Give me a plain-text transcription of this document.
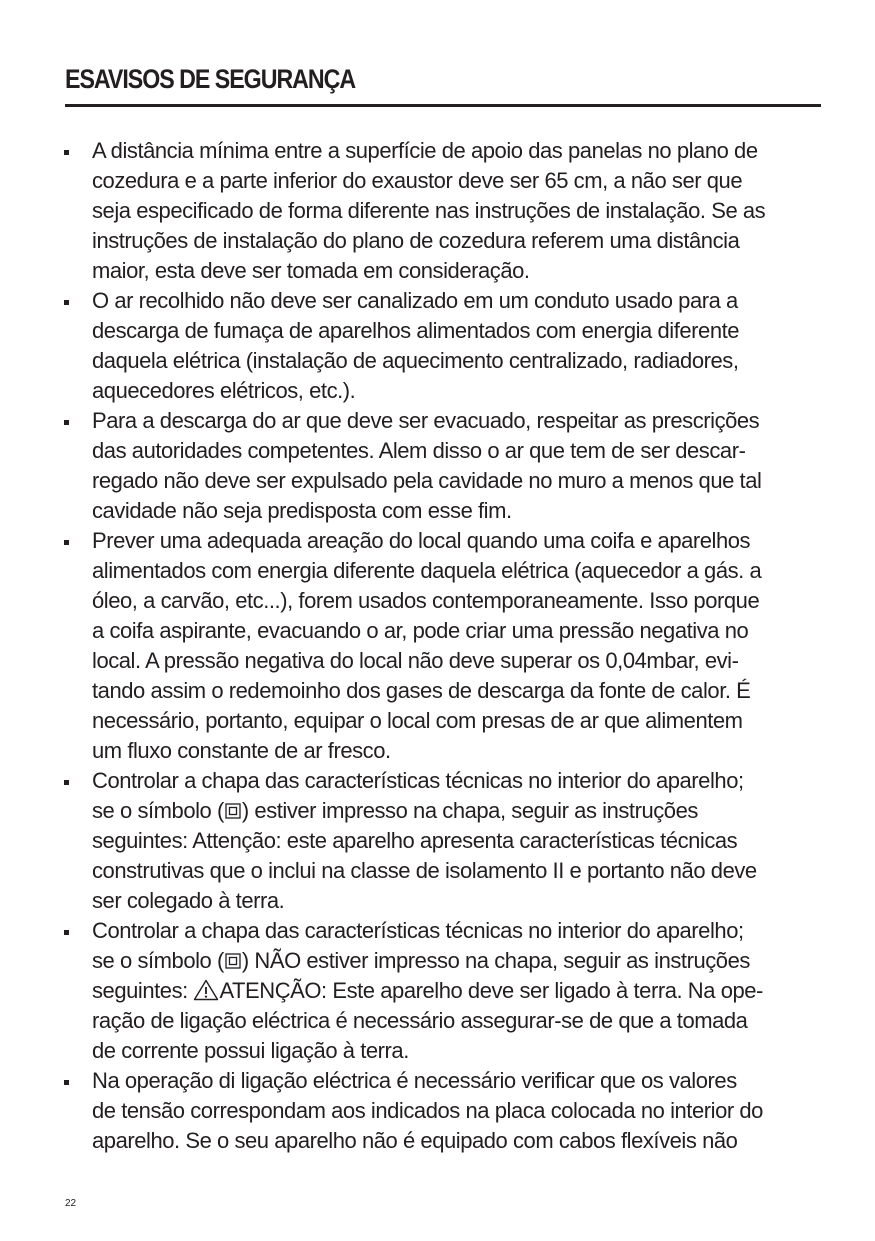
ESAVISOS DE SEGURANÇA
A distância mínima entre a superfície de apoio das panelas no plano de
cozedura e a parte inferior do exaustor deve ser 65 cm, a não ser que
seja especificado de forma diferente nas instruções de instalação. Se as
instruções de instalação do plano de cozedura referem uma distância
maior, esta deve ser tomada em consideração.
O ar recolhido não deve ser canalizado em um conduto usado para a
descarga de fumaça de aparelhos alimentados com energia diferente
daquela elétrica (instalação de aquecimento centralizado, radiadores,
aquecedores elétricos, etc.).
Para a descarga do ar que deve ser evacuado, respeitar as prescrições
das autoridades competentes. Alem disso o ar que tem de ser descar-
regado não deve ser expulsado pela cavidade no muro a menos que tal
cavidade não seja predisposta com esse fim.
Prever uma adequada areação do local quando uma coifa e aparelhos
alimentados com energia diferente daquela elétrica (aquecedor a gás. a
óleo, a carvão, etc...), forem usados contemporaneamente. Isso porque
a coifa aspirante, evacuando o ar, pode criar uma pressão negativa no
local. A pressão negativa do local não deve superar os 0,04mbar, evi-
tando assim o redemoinho dos gases de descarga da fonte de calor. É
necessário, portanto, equipar o local com presas de ar que alimentem
um fluxo constante de ar fresco.
Controlar a chapa das características técnicas no interior do aparelho;
se o símbolo ( ) estiver impresso na chapa, seguir as instruções
seguintes: Attenção: este aparelho apresenta características técnicas
construtivas que o inclui na classe de isolamento II e portanto não deve
ser colegado à terra.
Controlar a chapa das características técnicas no interior do aparelho;
se o símbolo ( ) NÃO estiver impresso na chapa, seguir as instruções
seguintes: ATENÇÃO: Este aparelho deve ser ligado à terra. Na ope-
ração de ligação eléctrica é necessário assegurar-se de que a tomada
de corrente possui ligação à terra.
Na operação di ligação eléctrica é necessário verificar que os valores
de tensão correspondam aos indicados na placa colocada no interior do
aparelho. Se o seu aparelho não é equipado com cabos flexíveis não
22
